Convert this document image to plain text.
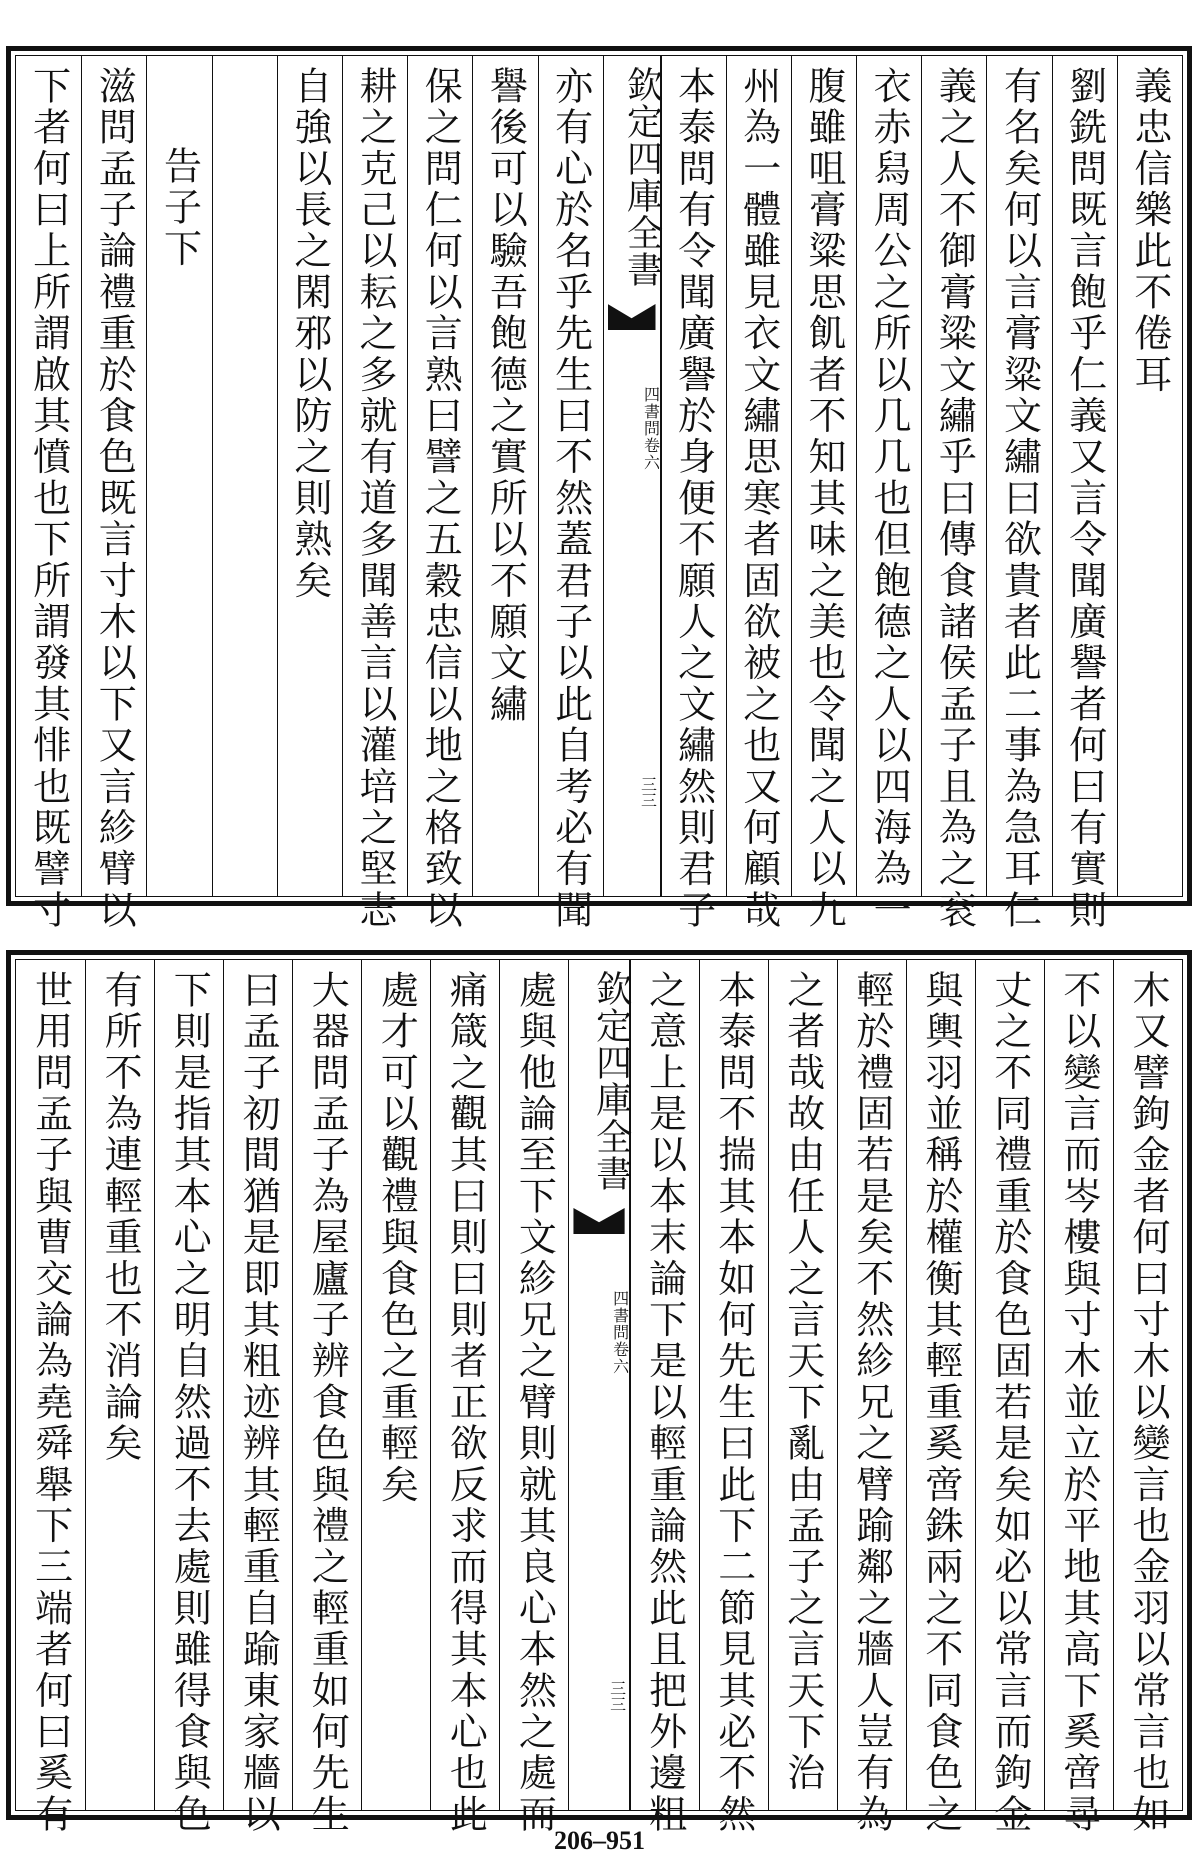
義忠信樂此不倦耳
劉銑問既言飽乎仁義又言令聞廣譽者何曰有實則
有名矣何以言膏粱文繡曰欲貴者此二事為急耳仁
義之人不御膏粱文繡乎曰傳食諸侯孟子且為之衮
衣赤舄周公之所以几几也但飽德之人以四海為一
腹雖咀膏粱思飢者不知其味之美也令聞之人以九
州為一體雖見衣文繡思寒者固欲被之也又何顧哉
本泰問有令聞廣譽於身便不願人之文繡然則君子
欽定四庫全書
四書問卷六
三三
亦有心於名乎先生曰不然蓋君子以此自考必有聞
譽後可以驗吾飽德之實所以不願文繡
保之問仁何以言熟曰譬之五穀忠信以地之格致以
耕之克己以耘之多就有道多聞善言以灌培之堅志
自強以長之閑邪以防之則熟矣
告子下
滋問孟子論禮重於食色既言寸木以下又言紾臂以
下者何曰上所謂啟其憤也下所謂發其悱也既譬寸
木又譬鉤金者何曰寸木以變言也金羽以常言也如
不以變言而岑樓與寸木並立於平地其高下奚啻尋
丈之不同禮重於食色固若是矣如必以常言而鉤金
與輿羽並稱於權衡其輕重奚啻銖兩之不同食色之
輕於禮固若是矣不然紾兄之臂踰鄰之牆人豈有為
之者哉故由任人之言天下亂由孟子之言天下治
本泰問不揣其本如何先生曰此下二節見其必不然
之意上是以本末論下是以輕重論然此且把外邊粗
欽定四庫全書
四書問卷六
三三
處與他論至下文紾兄之臂則就其良心本然之處而
痛箴之觀其曰則曰則者正欲反求而得其本心也此
處才可以觀禮與食色之重輕矣
大器問孟子為屋廬子辨食色與禮之輕重如何先生
曰孟子初間猶是即其粗迹辨其輕重自踰東家牆以
下則是指其本心之明自然過不去處則雖得食與色
有所不為連輕重也不消論矣
世用問孟子與曹交論為堯舜舉下三端者何曰奚有
206–951
